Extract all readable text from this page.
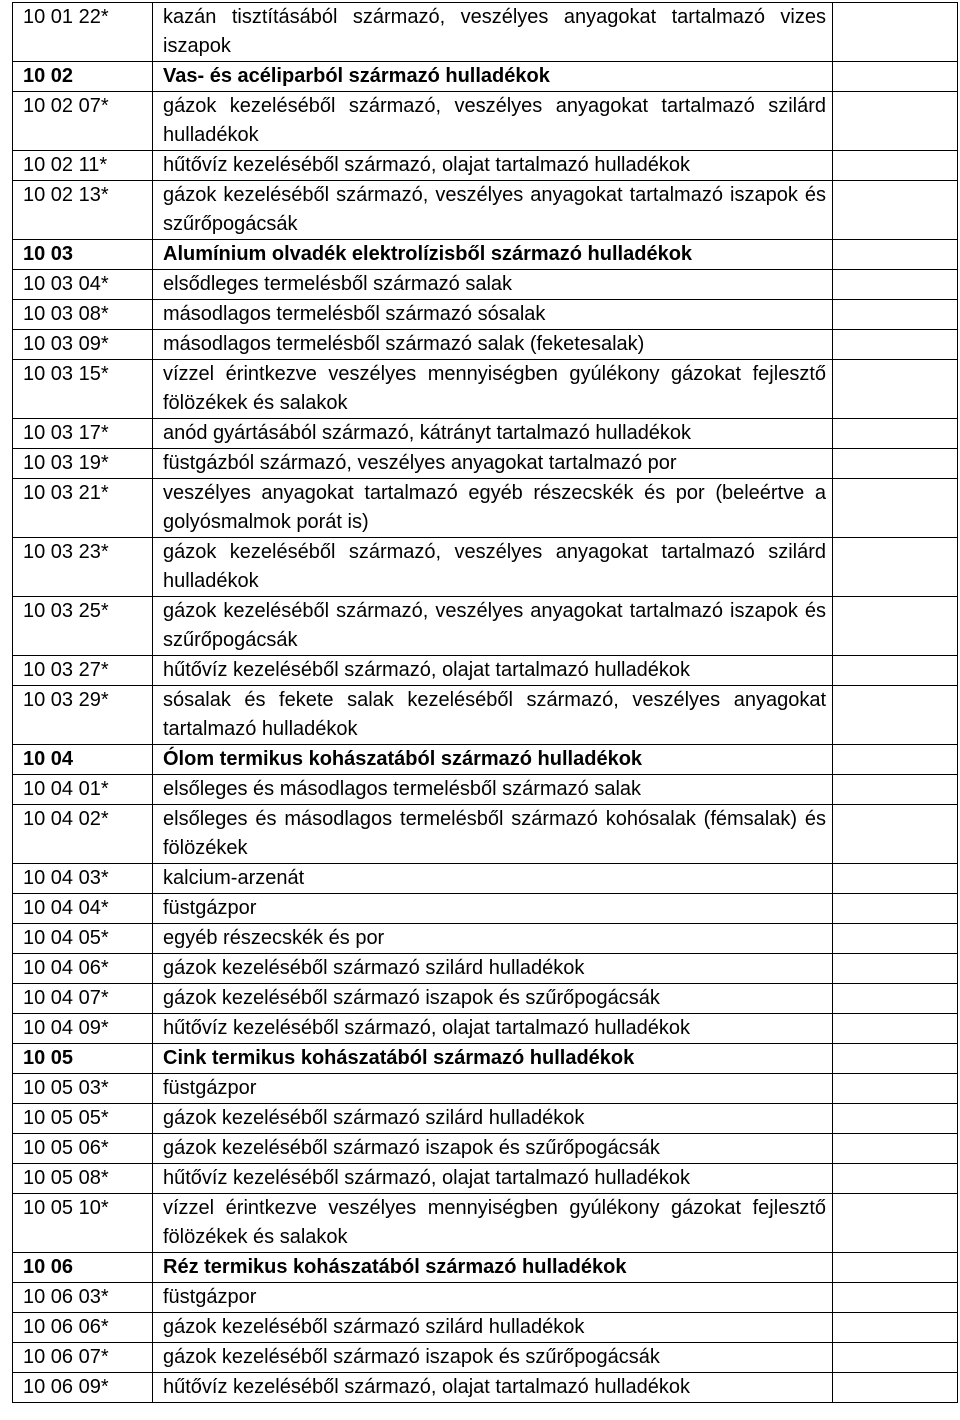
10 01 22*	kazán tisztításából származó, veszélyes anyagokat tartalmazó vizes iszapok	
10 02	Vas- és acéliparból származó hulladékok	
10 02 07*	gázok kezeléséből származó, veszélyes anyagokat tartalmazó szilárd hulladékok	
10 02 11*	hűtővíz kezeléséből származó, olajat tartalmazó hulladékok	
10 02 13*	gázok kezeléséből származó, veszélyes anyagokat tartalmazó iszapok és szűrőpogácsák	
10 03	Alumínium olvadék elektrolízisből származó hulladékok	
10 03 04*	elsődleges termelésből származó salak	
10 03 08*	másodlagos termelésből származó sósalak	
10 03 09*	másodlagos termelésből származó salak (feketesalak)	
10 03 15*	vízzel érintkezve veszélyes mennyiségben gyúlékony gázokat fejlesztő fölözékek és salakok	
10 03 17*	anód gyártásából származó, kátrányt tartalmazó hulladékok	
10 03 19*	füstgázból származó, veszélyes anyagokat tartalmazó por	
10 03 21*	veszélyes anyagokat tartalmazó egyéb részecskék és por (beleértve a golyósmalmok porát is)	
10 03 23*	gázok kezeléséből származó, veszélyes anyagokat tartalmazó szilárd hulladékok	
10 03 25*	gázok kezeléséből származó, veszélyes anyagokat tartalmazó iszapok és szűrőpogácsák	
10 03 27*	hűtővíz kezeléséből származó, olajat tartalmazó hulladékok	
10 03 29*	sósalak és fekete salak kezeléséből származó, veszélyes anyagokat tartalmazó hulladékok	
10 04	Ólom termikus kohászatából származó hulladékok	
10 04 01*	elsőleges és másodlagos termelésből származó salak	
10 04 02*	elsőleges és másodlagos termelésből származó kohósalak (fémsalak) és fölözékek	
10 04 03*	kalcium-arzenát	
10 04 04*	füstgázpor	
10 04 05*	egyéb részecskék és por	
10 04 06*	gázok kezeléséből származó szilárd hulladékok	
10 04 07*	gázok kezeléséből származó iszapok és szűrőpogácsák	
10 04 09*	hűtővíz kezeléséből származó, olajat tartalmazó hulladékok	
10 05	Cink termikus kohászatából származó hulladékok	
10 05 03*	füstgázpor	
10 05 05*	gázok kezeléséből származó szilárd hulladékok	
10 05 06*	gázok kezeléséből származó iszapok és szűrőpogácsák	
10 05 08*	hűtővíz kezeléséből származó, olajat tartalmazó hulladékok	
10 05 10*	vízzel érintkezve veszélyes mennyiségben gyúlékony gázokat fejlesztő fölözékek és salakok	
10 06	Réz termikus kohászatából származó hulladékok	
10 06 03*	füstgázpor	
10 06 06*	gázok kezeléséből származó szilárd hulladékok	
10 06 07*	gázok kezeléséből származó iszapok és szűrőpogácsák	
10 06 09*	hűtővíz kezeléséből származó, olajat tartalmazó hulladékok	
